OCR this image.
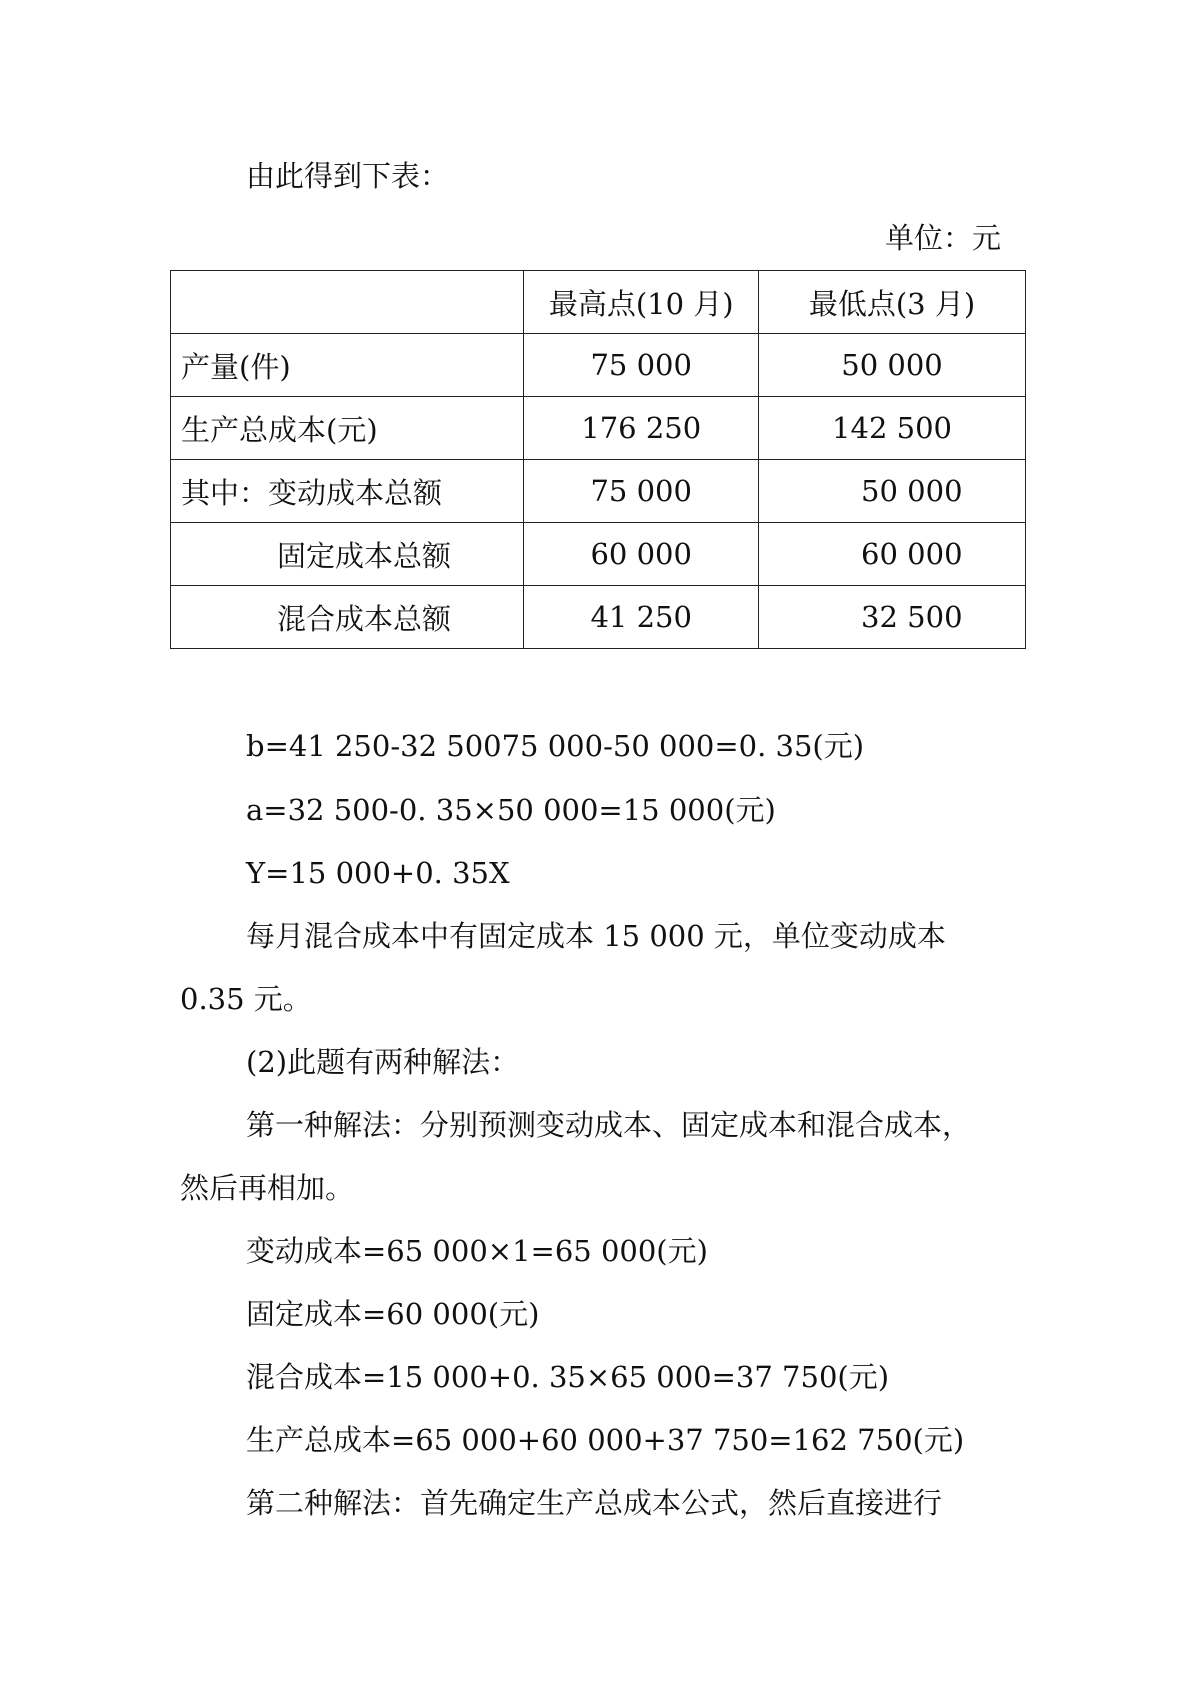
由此得到下表：
单位：元
	最高点(10 月)	最低点(3 月)
产量(件)	75 000	50 000
生产总成本(元)	176 250	142 500
其中：变动成本总额	75 000	50 000
固定成本总额	60 000	60 000
混合成本总额	41 250	32 500
b=41 250-32 50075 000-50 000=0. 35(元)
a=32 500-0. 35×50 000=15 000(元)
Y=15 000+0. 35X
每月混合成本中有固定成本 15 000 元，单位变动成本
0.35 元。
(2)此题有两种解法：
第一种解法：分别预测变动成本、固定成本和混合成本，
然后再相加。
变动成本=65 000×1=65 000(元)
固定成本=60 000(元)
混合成本=15 000+0. 35×65 000=37 750(元)
生产总成本=65 000+60 000+37 750=162 750(元)
第二种解法：首先确定生产总成本公式，然后直接进行
